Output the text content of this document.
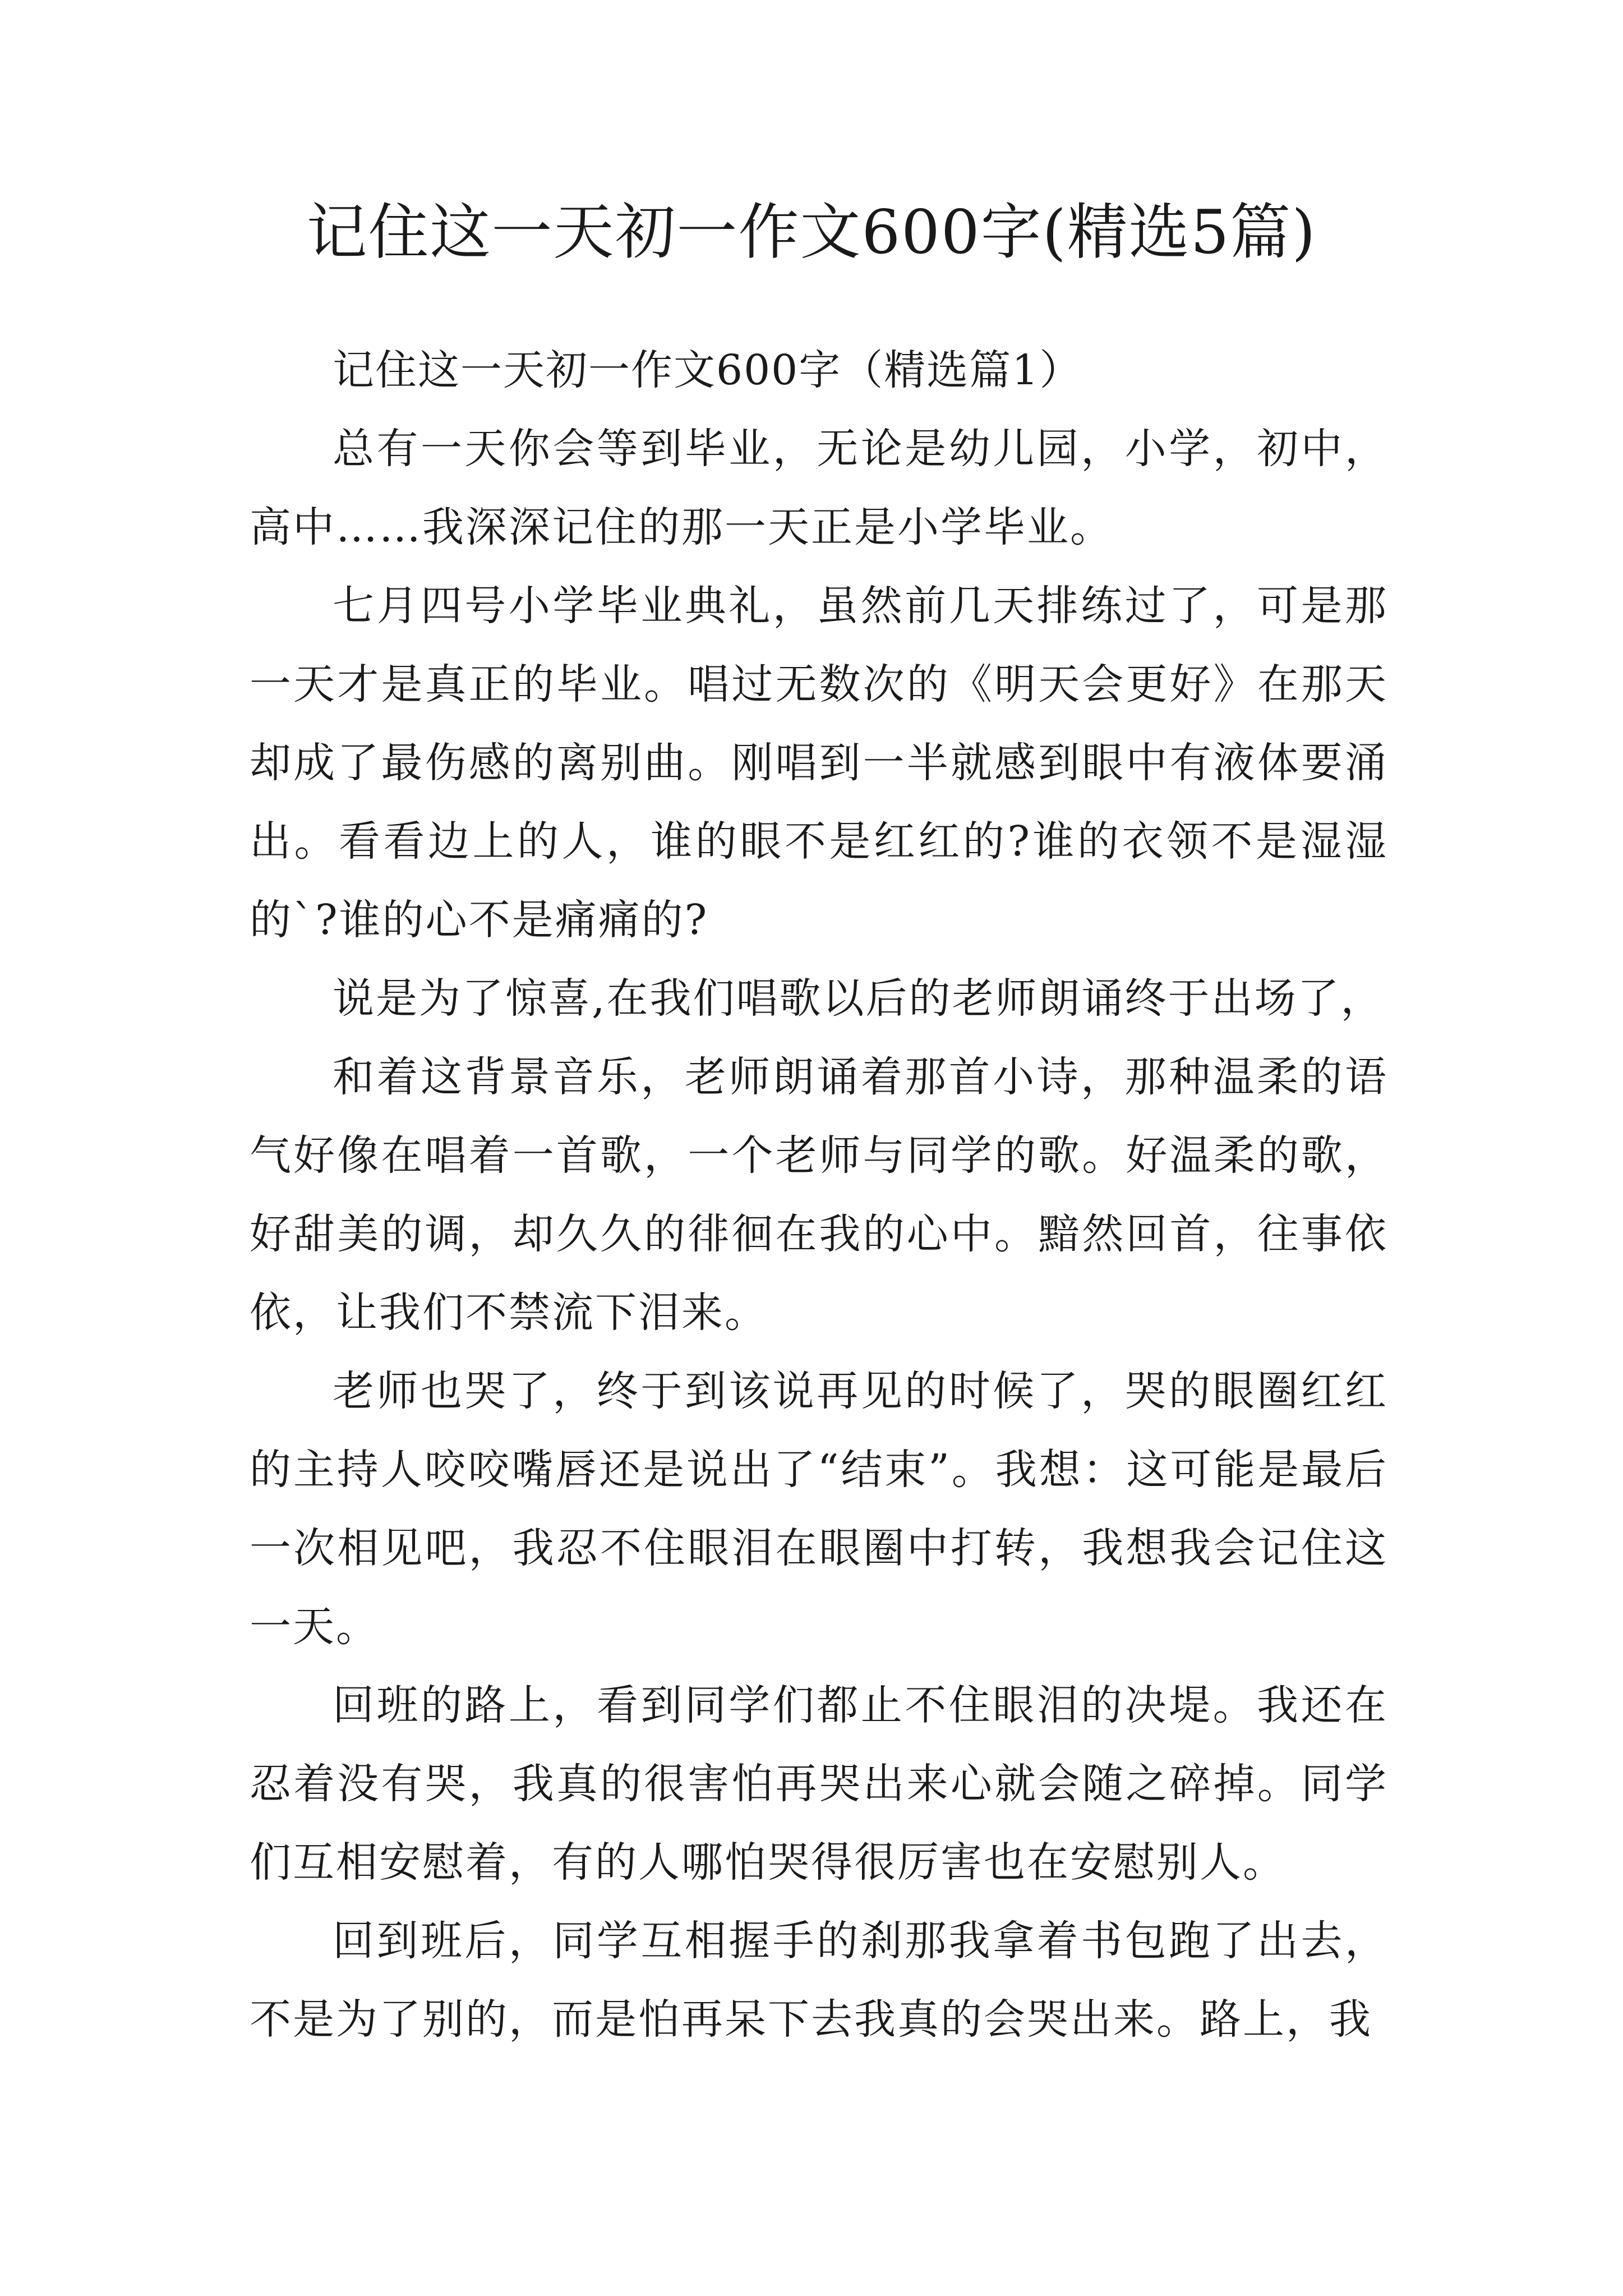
记住这一天初一作文600字(精选5篇)

记住这一天初一作文600字（精选篇1）

总有一天你会等到毕业，无论是幼儿园，小学，初中，高中……我深深记住的那一天正是小学毕业。

七月四号小学毕业典礼，虽然前几天排练过了，可是那一天才是真正的毕业。唱过无数次的《明天会更好》在那天却成了最伤感的离别曲。刚唱到一半就感到眼中有液体要涌出。看看边上的人，谁的眼不是红红的?谁的衣领不是湿湿的`?谁的心不是痛痛的?

说是为了惊喜,在我们唱歌以后的老师朗诵终于出场了，

和着这背景音乐，老师朗诵着那首小诗，那种温柔的语气好像在唱着一首歌，一个老师与同学的歌。好温柔的歌，好甜美的调，却久久的徘徊在我的心中。黯然回首，往事依依，让我们不禁流下泪来。

老师也哭了，终于到该说再见的时候了，哭的眼圈红红的主持人咬咬嘴唇还是说出了“结束”。我想：这可能是最后一次相见吧，我忍不住眼泪在眼圈中打转，我想我会记住这一天。

回班的路上，看到同学们都止不住眼泪的决堤。我还在忍着没有哭，我真的很害怕再哭出来心就会随之碎掉。同学们互相安慰着，有的人哪怕哭得很厉害也在安慰别人。

回到班后，同学互相握手的刹那我拿着书包跑了出去，不是为了别的，而是怕再呆下去我真的会哭出来。路上，我
